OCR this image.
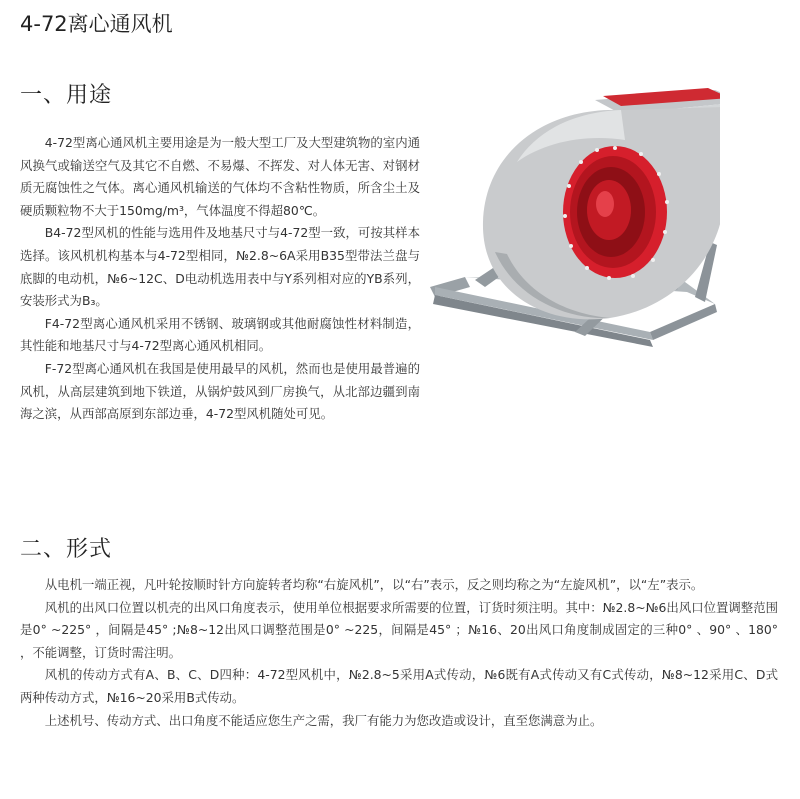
4-72离心通风机
一、用途

4-72型离心通风机主要用途是为一般大型工厂及大型建筑物的室内通风换气或输送空气及其它不自燃、不易爆、不挥发、对人体无害、对钢材质无腐蚀性之气体。离心通风机输送的气体均不含粘性物质，所含尘土及硬质颗粒物不大于150mg/m³，气体温度不得超80℃。

B4-72型风机的性能与选用件及地基尺寸与4-72型一致，可按其样本选择。该风机机构基本与4-72型相同，№2.8~6A采用B35型带法兰盘与底脚的电动机，№6~12C、D电动机选用表中与Y系列相对应的YB系列，安装形式为B₃。

F4-72型离心通风机采用不锈钢、玻璃钢或其他耐腐蚀性材料制造，其性能和地基尺寸与4-72型离心通风机相同。

F-72型离心通风机在我国是使用最早的风机，然而也是使用最普遍的风机，从高层建筑到地下铁道，从锅炉鼓风到厂房换气，从北部边疆到南海之滨，从西部高原到东部边垂，4-72型风机随处可见。

二、形式

从电机一端正视，凡叶轮按顺时针方向旋转者均称“右旋风机”，以“右”表示，反之则均称之为“左旋风机”，以“左”表示。

风机的出风口位置以机壳的出风口角度表示，使用单位根据要求所需要的位置，订货时须注明。其中：№2.8~№6出风口位置调整范围是0° ~225° ，间隔是45° ;№8~12出风口调整范围是0° ~225，间隔是45° ；№16、20出风口角度制成固定的三种0° 、90° 、180° ，不能调整，订货时需注明。

风机的传动方式有A、B、C、D四种：4-72型风机中，№2.8~5采用A式传动，№6既有A式传动又有C式传动，№8~12采用C、D式两种传动方式，№16~20采用B式传动。

上述机号、传动方式、出口角度不能适应您生产之需，我厂有能力为您改造或设计，直至您满意为止。
